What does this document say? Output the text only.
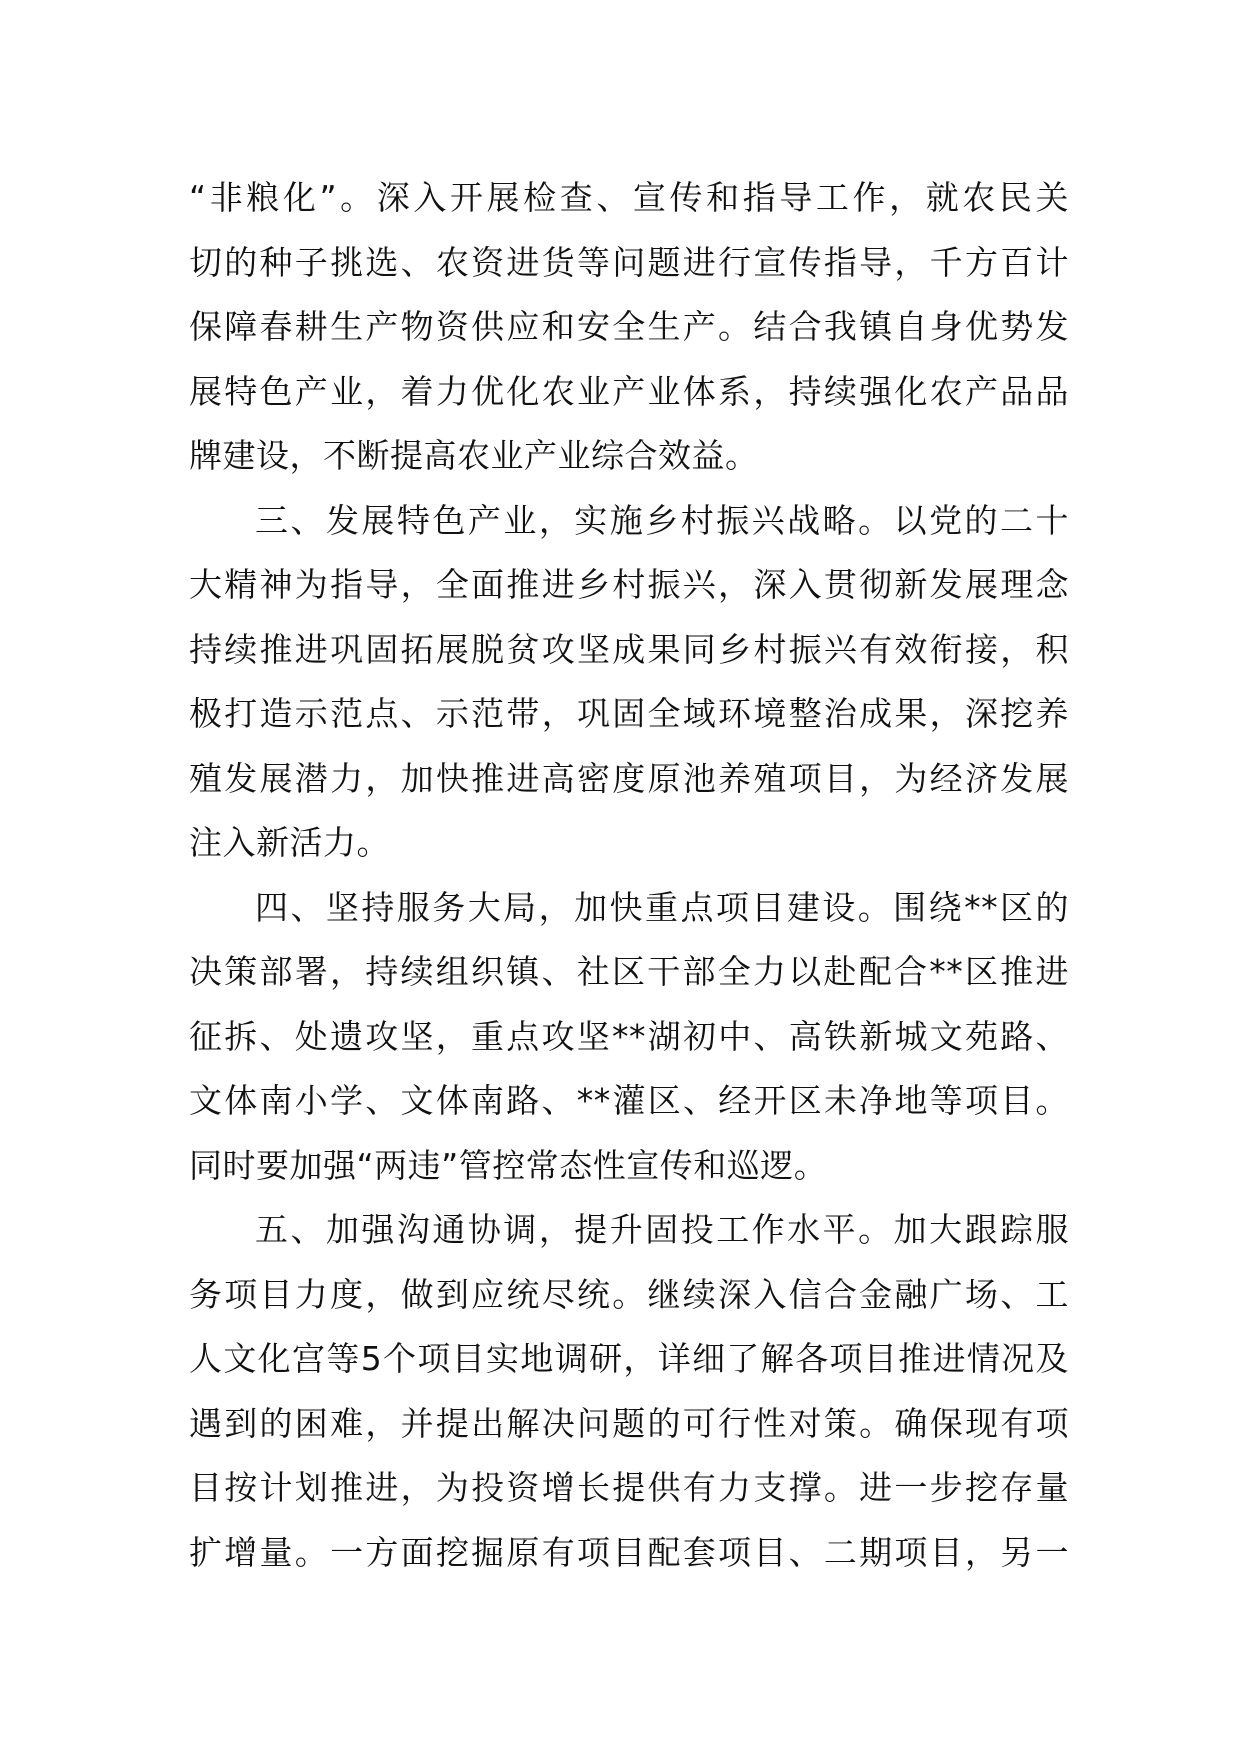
“非粮化”。深入开展检查、宣传和指导工作，就农民关
切的种子挑选、农资进货等问题进行宣传指导，千方百计
保障春耕生产物资供应和安全生产。结合我镇自身优势发
展特色产业，着力优化农业产业体系，持续强化农产品品
牌建设，不断提高农业产业综合效益。
三、发展特色产业，实施乡村振兴战略。以党的二十
大精神为指导，全面推进乡村振兴，深入贯彻新发展理念
持续推进巩固拓展脱贫攻坚成果同乡村振兴有效衔接，积
极打造示范点、示范带，巩固全域环境整治成果，深挖养
殖发展潜力，加快推进高密度原池养殖项目，为经济发展
注入新活力。
四、坚持服务大局，加快重点项目建设。围绕**区的
决策部署，持续组织镇、社区干部全力以赴配合**区推进
征拆、处遗攻坚，重点攻坚**湖初中、高铁新城文苑路、
文体南小学、文体南路、**灌区、经开区未净地等项目。
同时要加强“两违”管控常态性宣传和巡逻。
五、加强沟通协调，提升固投工作水平。加大跟踪服
务项目力度，做到应统尽统。继续深入信合金融广场、工
人文化宫等5个项目实地调研，详细了解各项目推进情况及
遇到的困难，并提出解决问题的可行性对策。确保现有项
目按计划推进，为投资增长提供有力支撑。进一步挖存量
扩增量。一方面挖掘原有项目配套项目、二期项目，另一
